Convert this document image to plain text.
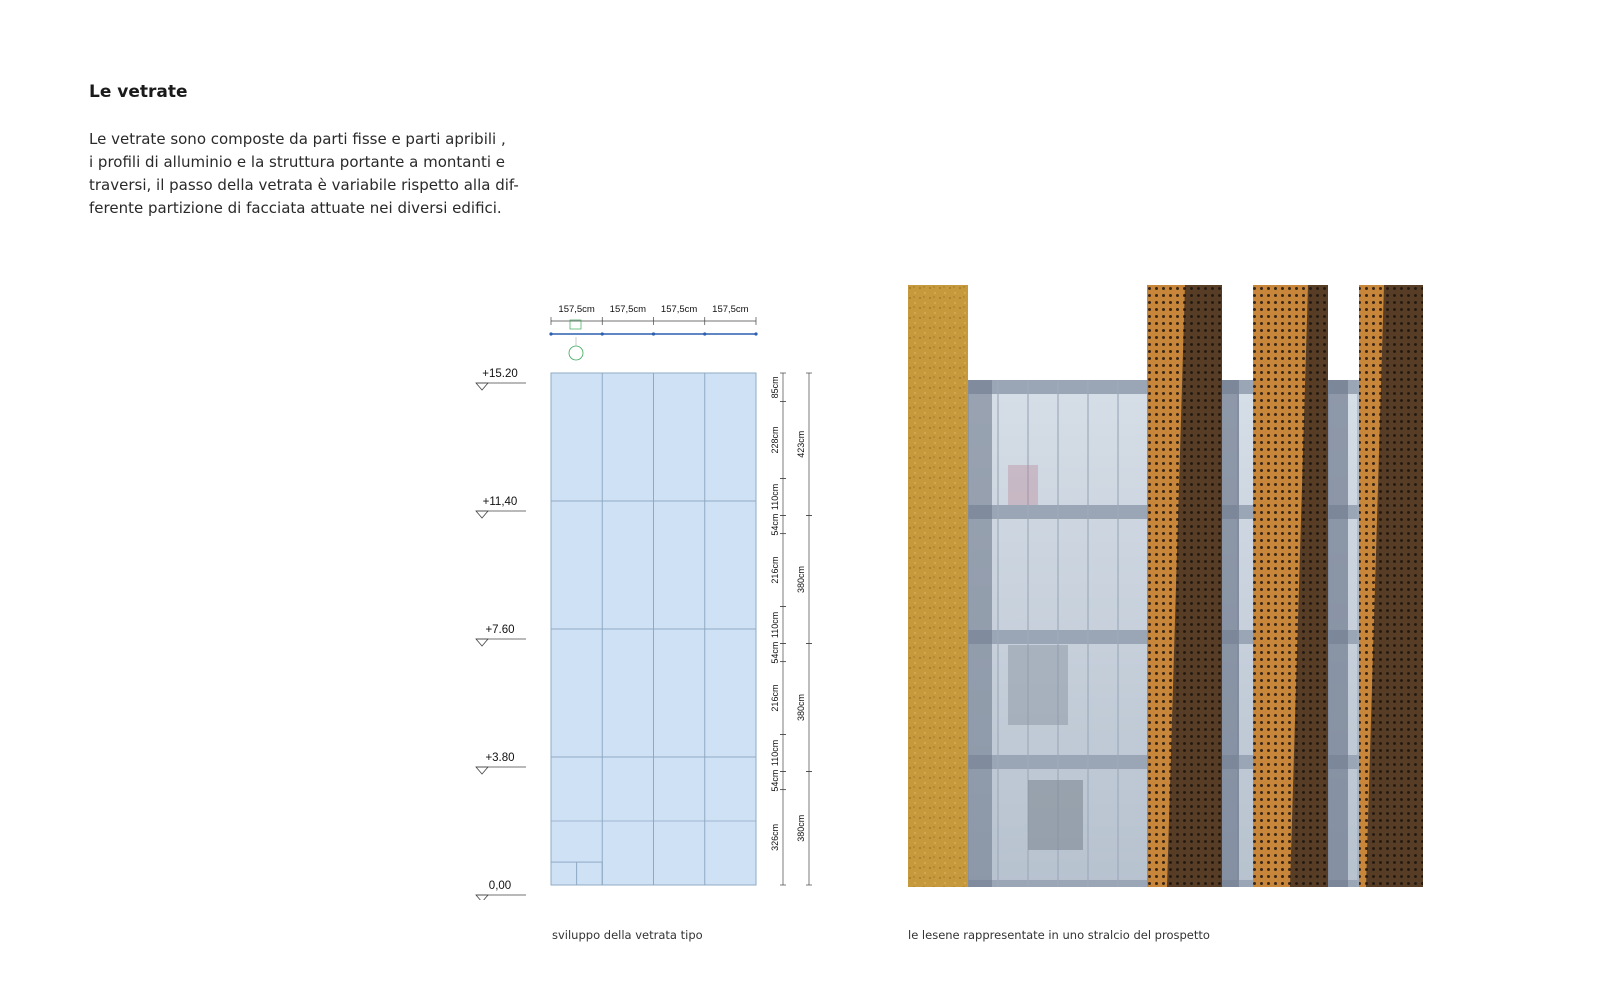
Le vetrate
Le vetrate sono composte da parti fisse e parti apribili ,
i profili di alluminio e la struttura portante a montanti e
traversi, il passo della vetrata è variabile rispetto alla dif-
ferente partizione di facciata attuate nei diversi edifici.
157,5cm 157,5cm 157,5cm 157,5cm
+15.20
+11,40
+7.60
+3.80
0,00
85cm
228cm
110cm
54cm
216cm
110cm
54cm
216cm
110cm
54cm
326cm
423cm
380cm
380cm
380cm
sviluppo della vetrata tipo	le lesene rappresentate in uno stralcio del prospetto
